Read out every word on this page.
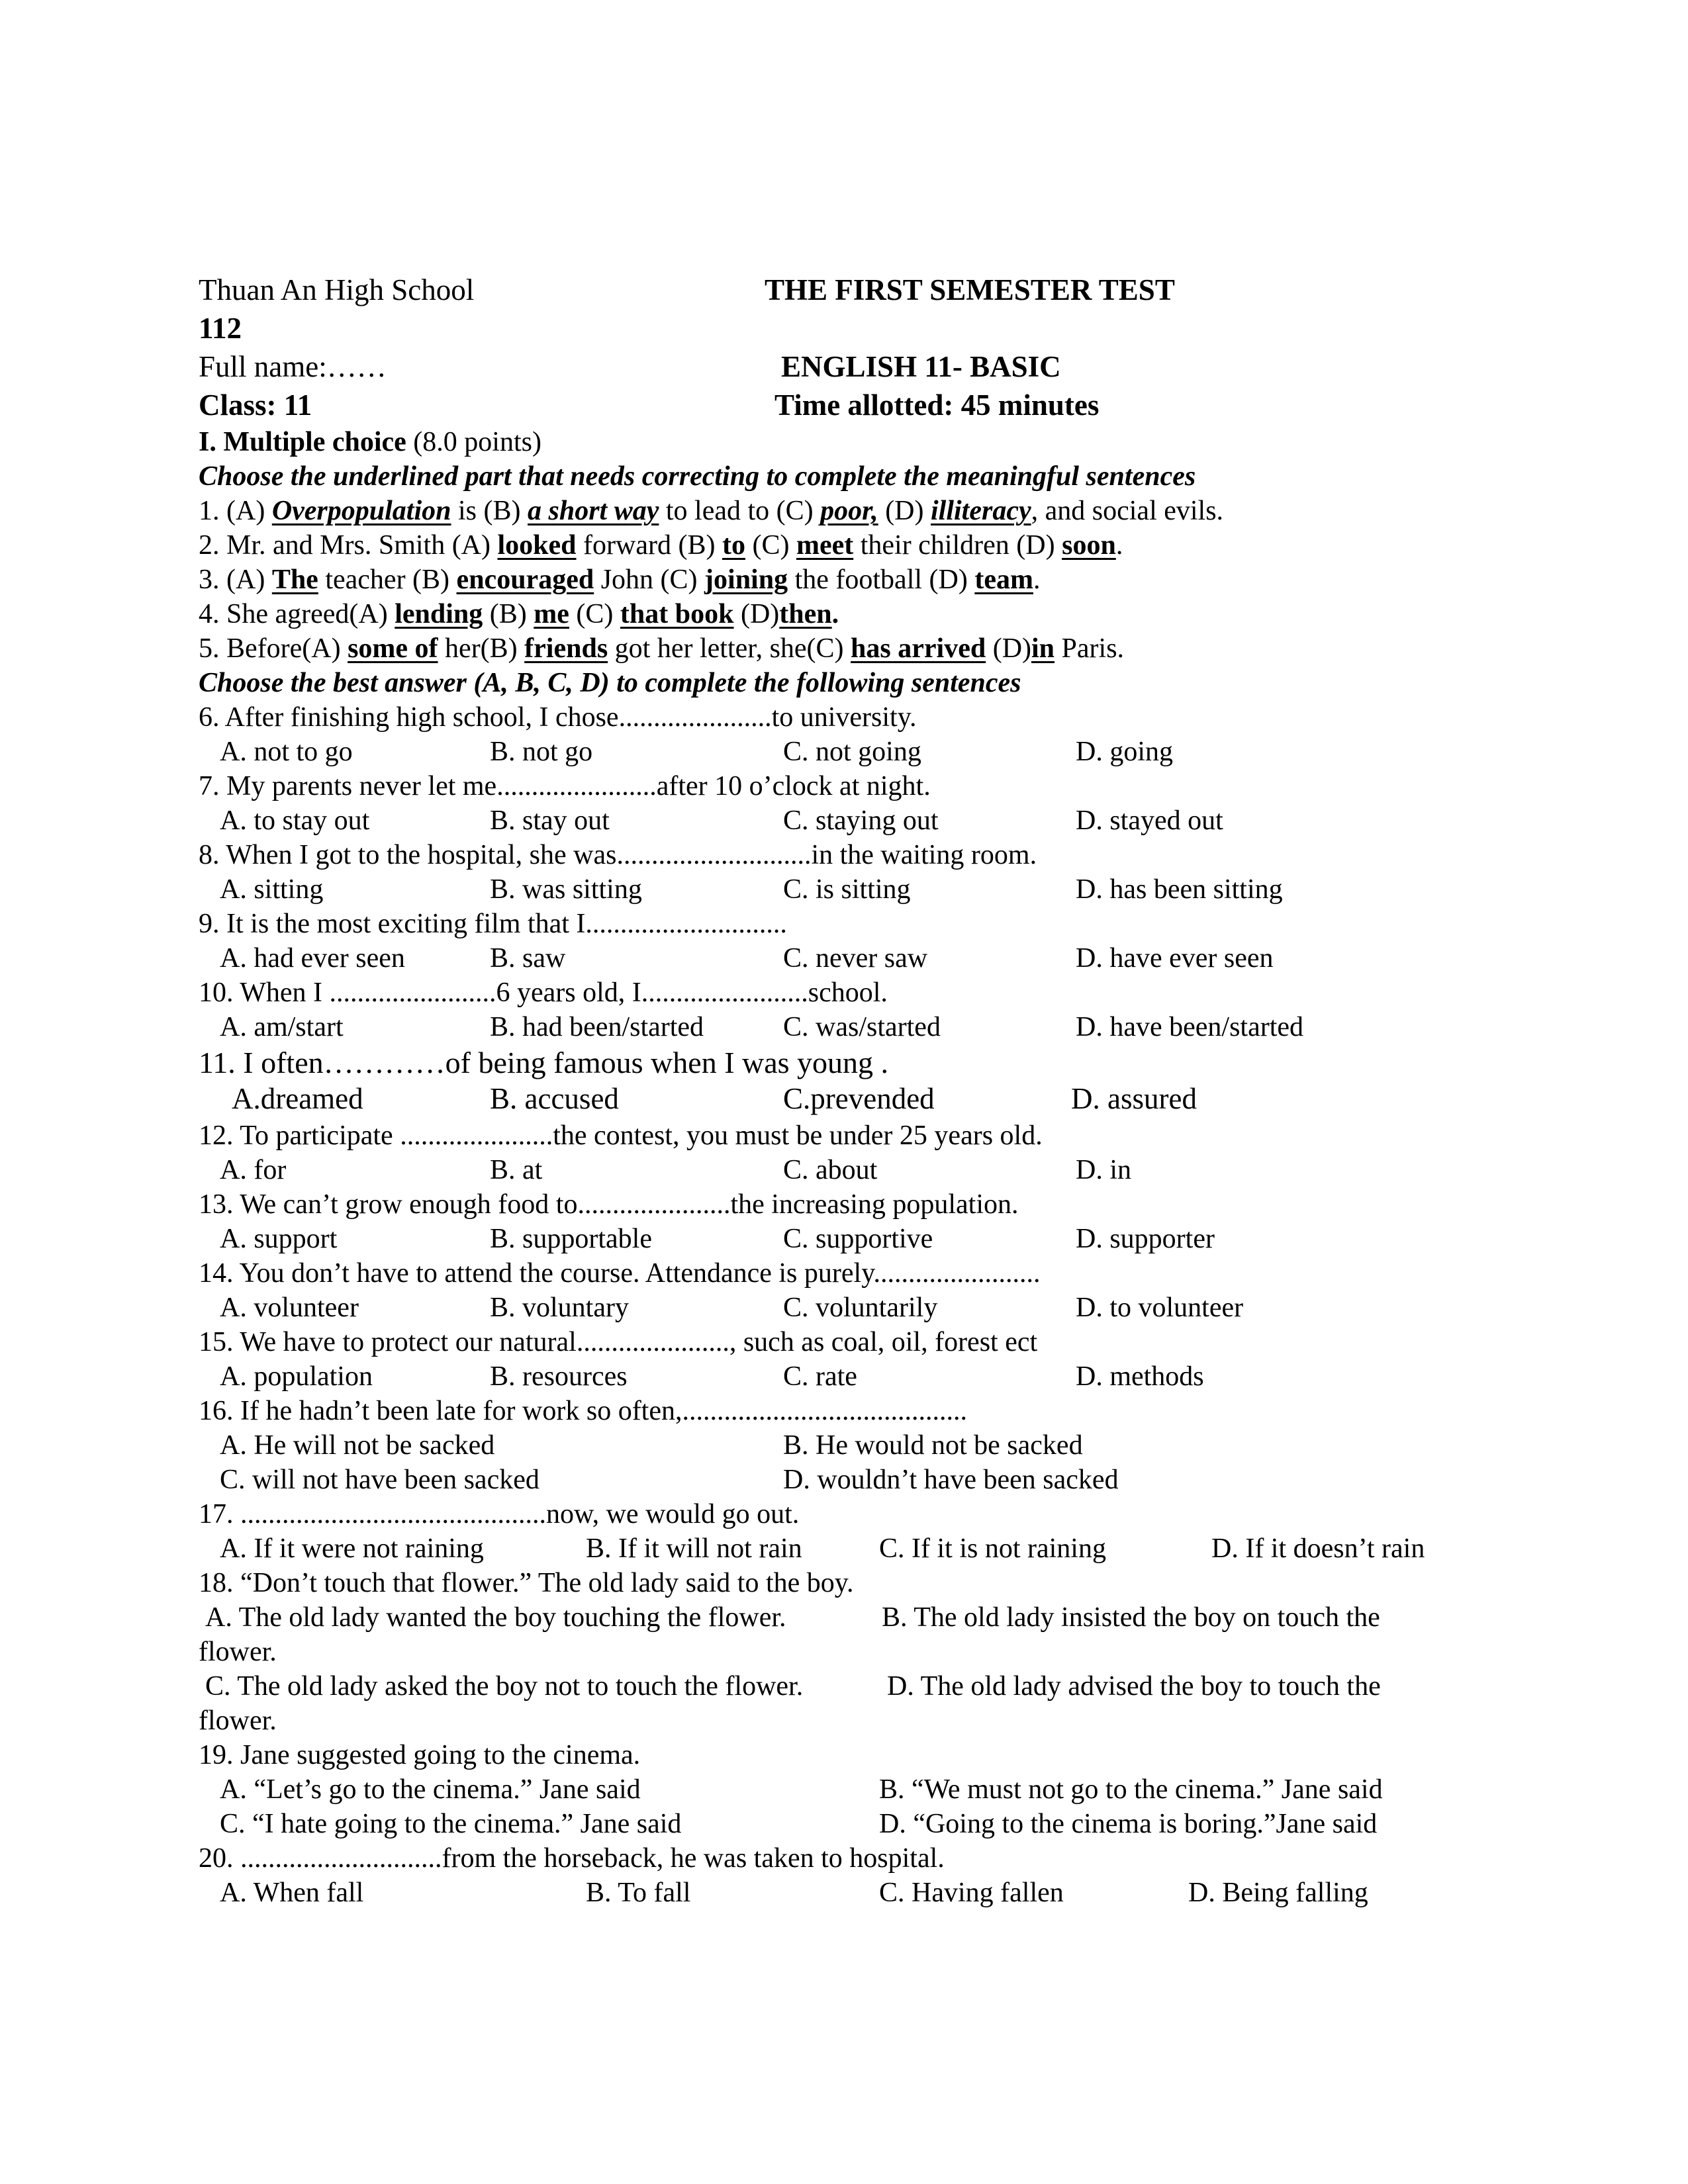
Thuan An High School	THE FIRST SEMESTER TEST
112
Full name:……	ENGLISH 11- BASIC
Class: 11	Time allotted: 45 minutes
I. Multiple choice (8.0 points)
Choose the underlined part that needs correcting to complete the meaningful sentences
1. (A) Overpopulation is (B) a short way to lead to (C) poor, (D) illiteracy, and social evils.
2. Mr. and Mrs. Smith (A) looked forward (B) to (C) meet their children (D) soon.
3. (A) The teacher (B) encouraged John (C) joining the football (D) team.
4. She agreed(A) lending (B) me (C) that book (D)then.
5. Before(A) some of her(B) friends got her letter, she(C) has arrived (D)in Paris.
Choose the best answer (A, B, C, D) to complete the following sentences
6. After finishing high school, I chose......................to university.
A. not to go	B. not go	C. not going	D. going
7. My parents never let me.......................after 10 o’clock at night.
A. to stay out	B. stay out	C. staying out	D. stayed out
8. When I got to the hospital, she was............................in the waiting room.
A. sitting	B. was sitting	C. is sitting	D. has been sitting
9. It is the most exciting film that I.............................
A. had ever seen	B. saw	C. never saw	D. have ever seen
10. When I ........................6 years old, I........................school.
A. am/start	B. had been/started	C. was/started	D. have been/started
11. I often…………of being famous when I was young .
A.dreamed	B. accused	C.prevended	D. assured
12. To participate ......................the contest, you must be under 25 years old.
A. for	B. at	C. about	D. in
13. We can’t grow enough food to......................the increasing population.
A. support	B. supportable	C. supportive	D. supporter
14. You don’t have to attend the course. Attendance is purely........................
A. volunteer	B. voluntary	C. voluntarily	D. to volunteer
15. We have to protect our natural......................, such as coal, oil, forest ect
A. population	B. resources	C. rate	D. methods
16. If he hadn’t been late for work so often,.........................................
A. He will not be sacked	B. He would not be sacked
C. will not have been sacked	D. wouldn’t have been sacked
17. ............................................now, we would go out.
A. If it were not raining	B. If it will not rain	C. If it is not raining	D. If it doesn’t rain
18. “Don’t touch that flower.” The old lady said to the boy.
A. The old lady wanted the boy touching the flower.	B. The old lady insisted the boy on touch the
flower.
C. The old lady asked the boy not to touch the flower.	D. The old lady advised the boy to touch the
flower.
19. Jane suggested going to the cinema.
A. “Let’s go to the cinema.” Jane said	B. “We must not go to the cinema.” Jane said
C. “I hate going to the cinema.” Jane said	D. “Going to the cinema is boring.”Jane said
20. .............................from the horseback, he was taken to hospital.
A. When fall	B. To fall	C. Having fallen	D. Being falling
